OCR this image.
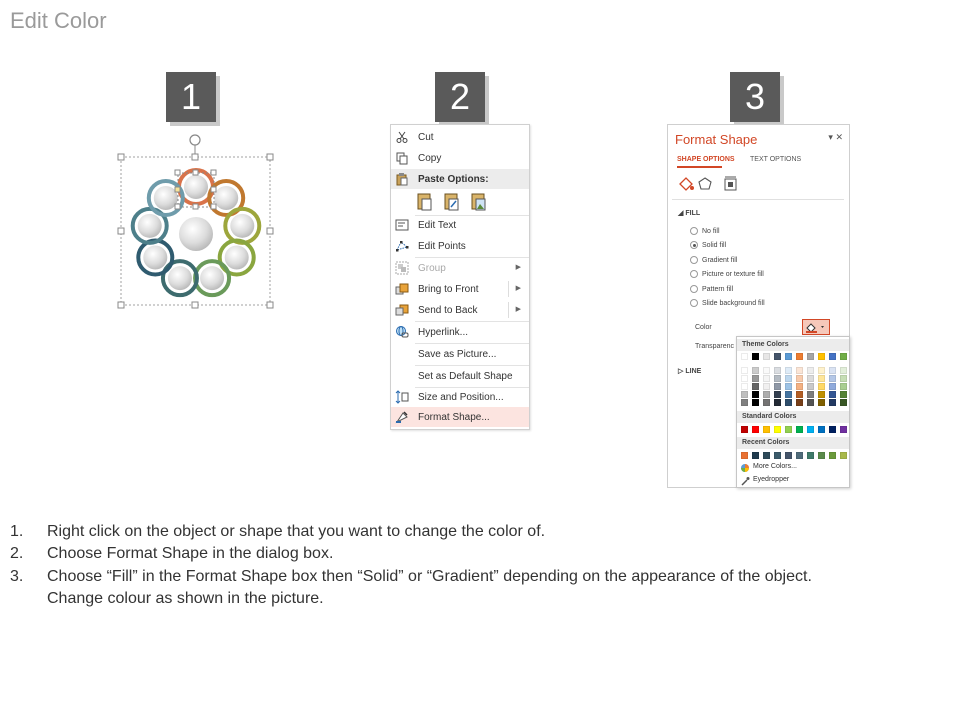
Edit Color
1	2	3
Cut
Copy
Paste Options:
Edit Text
Edit Points
Group	▶
Bring to Front	▶
Send to Back	▶
Hyperlink...
Save as Picture...
Set as Default Shape
Size and Position...
Format Shape...
Format Shape	▾ ✕
SHAPE OPTIONS TEXT OPTIONS
◢ FILL
No fill
Solid fill
Gradient fill
Picture or texture fill
Pattern fill
Slide background fill
Color
Transparenc
▷ LINE
Theme Colors
Standard Colors
Recent Colors
More Colors...
Eyedropper
1.	Right click on the object or shape that you want to change the color of.
2.	Choose Format Shape in the dialog box.
3.	Choose “Fill” in the Format Shape box then “Solid” or “Gradient” depending on the appearance of the object.
Change colour as shown in the picture.
